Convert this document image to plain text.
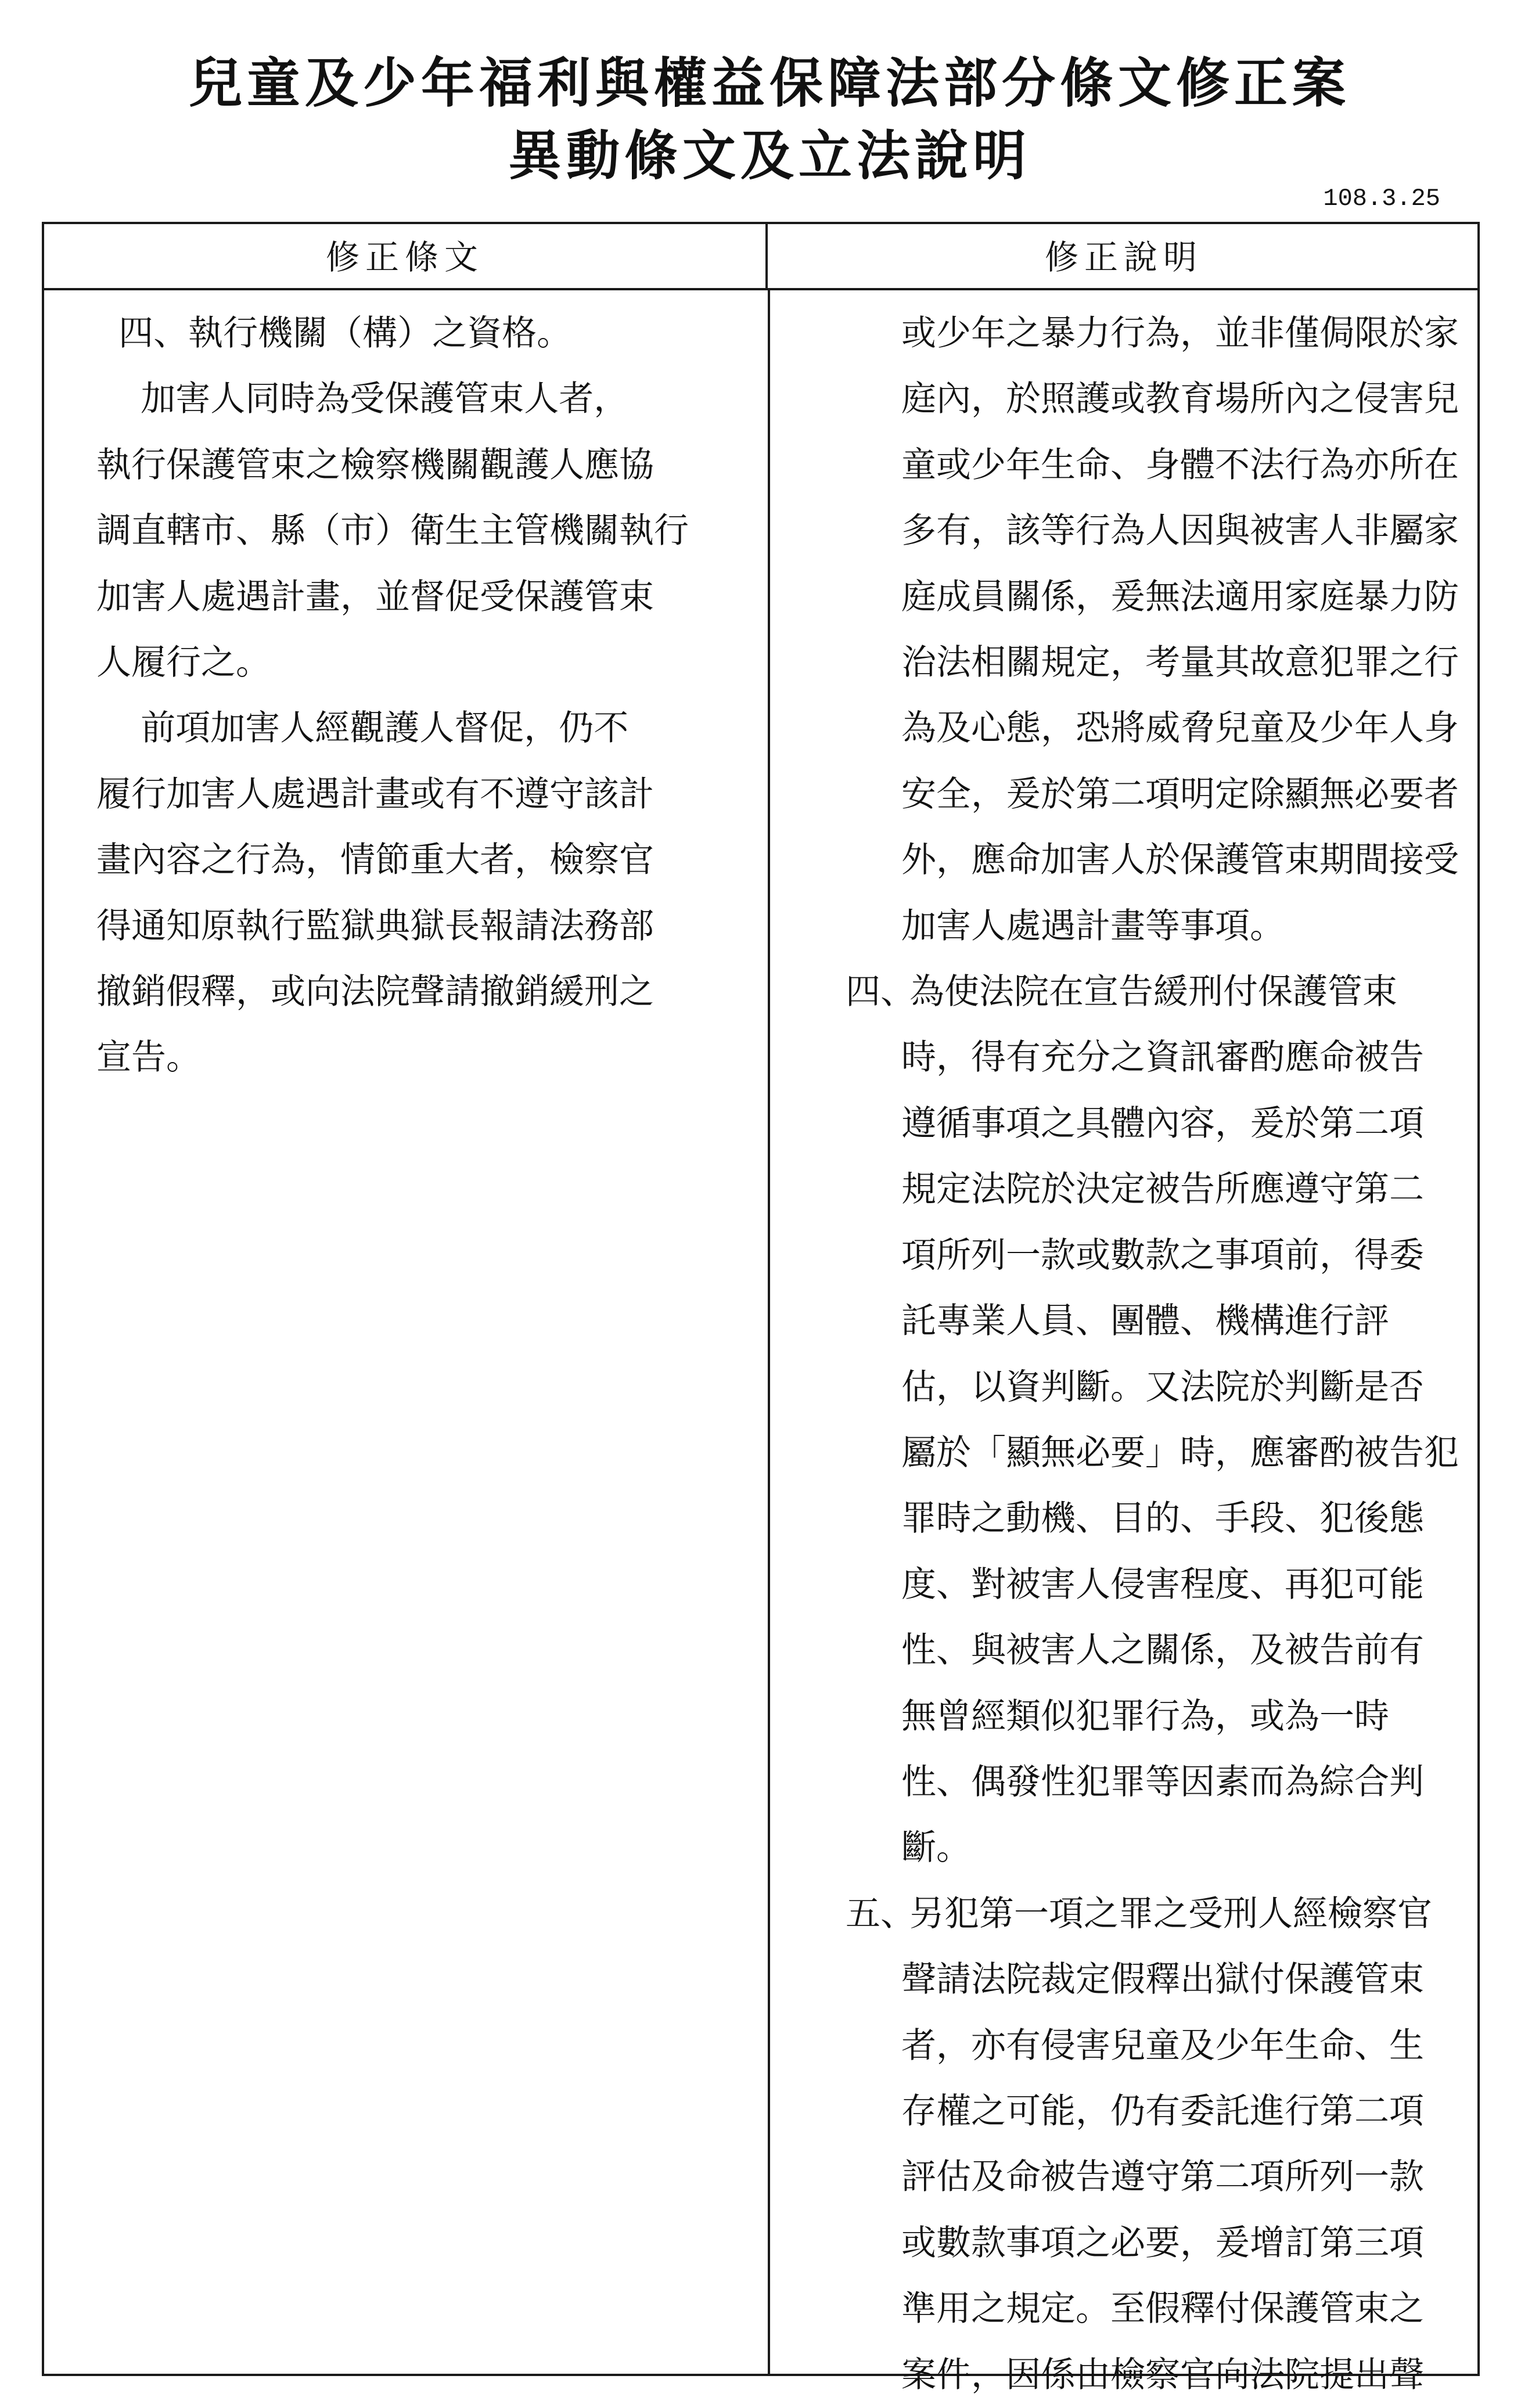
兒童及少年福利與權益保障法部分條文修正案
異動條文及立法說明
108.3.25
修正條文	修正說明
四、執行機關（構）之資格。
加害人同時為受保護管束人者，
執行保護管束之檢察機關觀護人應協
調直轄市、縣（市）衛生主管機關執行
加害人處遇計畫，並督促受保護管束
人履行之。
前項加害人經觀護人督促，仍不
履行加害人處遇計畫或有不遵守該計
畫內容之行為，情節重大者，檢察官
得通知原執行監獄典獄長報請法務部
撤銷假釋，或向法院聲請撤銷緩刑之
宣告。
或少年之暴力行為，並非僅侷限於家
庭內，於照護或教育場所內之侵害兒
童或少年生命、身體不法行為亦所在
多有，該等行為人因與被害人非屬家
庭成員關係，爰無法適用家庭暴力防
治法相關規定，考量其故意犯罪之行
為及心態，恐將威脅兒童及少年人身
安全，爰於第二項明定除顯無必要者
外，應命加害人於保護管束期間接受
加害人處遇計畫等事項。
四、為使法院在宣告緩刑付保護管束
時，得有充分之資訊審酌應命被告
遵循事項之具體內容，爰於第二項
規定法院於決定被告所應遵守第二
項所列一款或數款之事項前，得委
託專業人員、團體、機構進行評
估，以資判斷。又法院於判斷是否
屬於「顯無必要」時，應審酌被告犯
罪時之動機、目的、手段、犯後態
度、對被害人侵害程度、再犯可能
性、與被害人之關係，及被告前有
無曾經類似犯罪行為，或為一時
性、偶發性犯罪等因素而為綜合判
斷。
五、另犯第一項之罪之受刑人經檢察官
聲請法院裁定假釋出獄付保護管束
者，亦有侵害兒童及少年生命、生
存權之可能，仍有委託進行第二項
評估及命被告遵守第二項所列一款
或數款事項之必要，爰增訂第三項
準用之規定。至假釋付保護管束之
案件，因係由檢察官向法院提出聲
